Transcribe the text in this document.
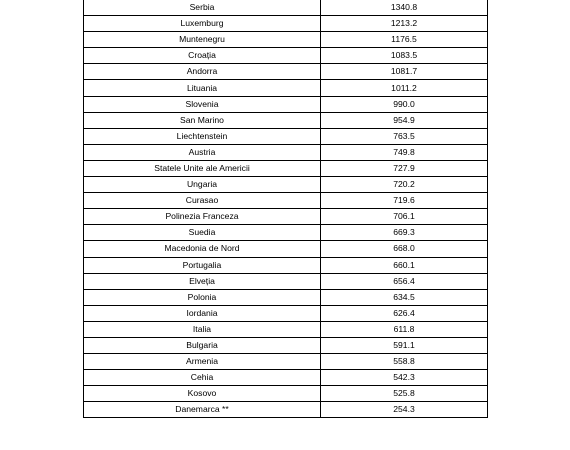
Serbia	1340.8
Luxemburg	1213.2
Muntenegru	1176.5
Croația	1083.5
Andorra	1081.7
Lituania	1011.2
Slovenia	990.0
San Marino	954.9
Liechtenstein	763.5
Austria	749.8
Statele Unite ale Americii	727.9
Ungaria	720.2
Curasao	719.6
Polinezia Franceza	706.1
Suedia	669.3
Macedonia de Nord	668.0
Portugalia	660.1
Elveția	656.4
Polonia	634.5
Iordania	626.4
Italia	611.8
Bulgaria	591.1
Armenia	558.8
Cehia	542.3
Kosovo	525.8
Danemarca **	254.3
